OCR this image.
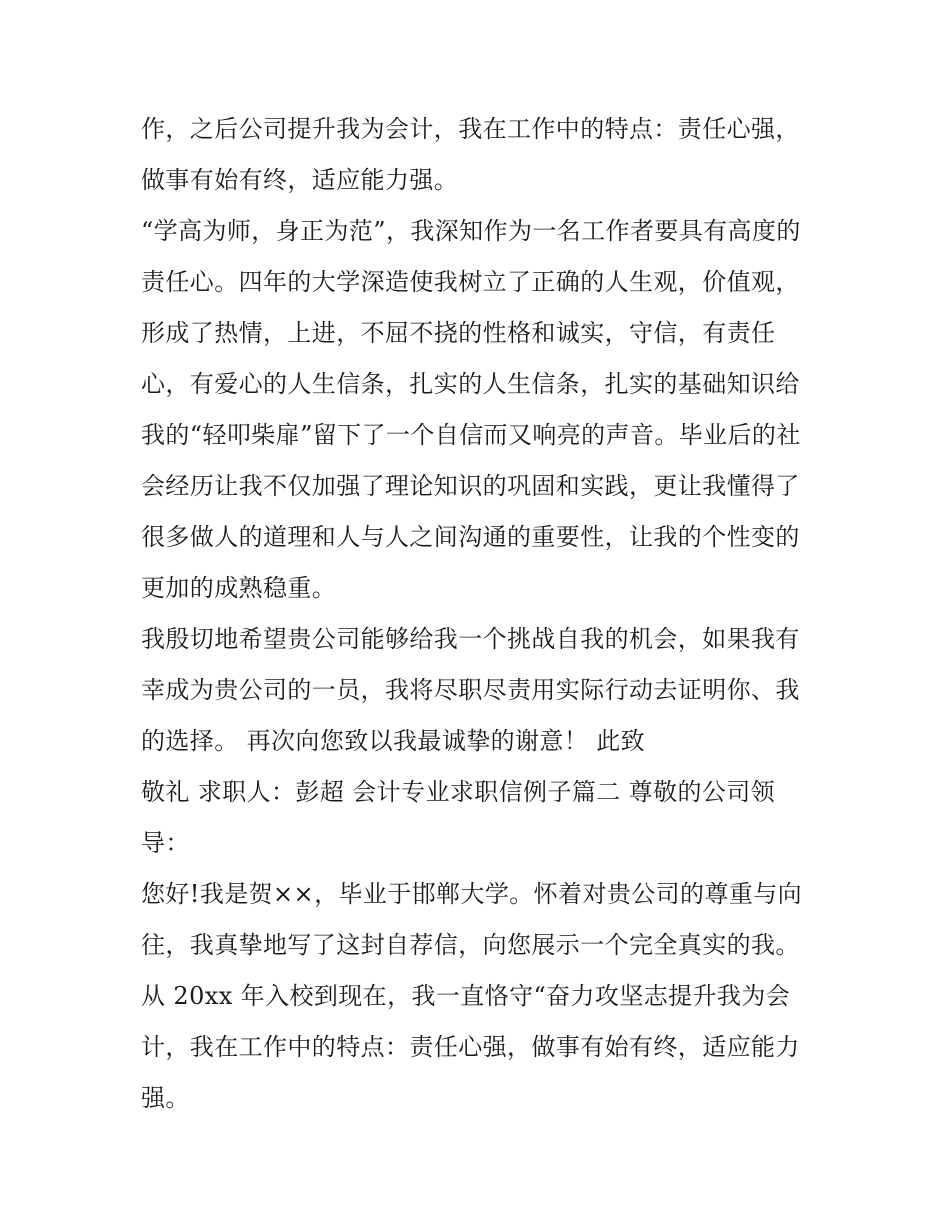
作，之后公司提升我为会计，我在工作中的特点：责任心强，
做事有始有终，适应能力强。
“学高为师，身正为范”，我深知作为一名工作者要具有高度的
责任心。四年的大学深造使我树立了正确的人生观，价值观，
形成了热情，上进，不屈不挠的性格和诚实，守信，有责任
心，有爱心的人生信条，扎实的人生信条，扎实的基础知识给
我的“轻叩柴扉”留下了一个自信而又响亮的声音。毕业后的社
会经历让我不仅加强了理论知识的巩固和实践，更让我懂得了
很多做人的道理和人与人之间沟通的重要性，让我的个性变的
更加的成熟稳重。
我殷切地希望贵公司能够给我一个挑战自我的机会，如果我有
幸成为贵公司的一员，我将尽职尽责用实际行动去证明你、我
的选择。 再次向您致以我最诚挚的谢意！ 此致
敬礼 求职人：彭超 会计专业求职信例子篇二 尊敬的公司领
导：
您好!我是贺××，毕业于邯郸大学。怀着对贵公司的尊重与向
往，我真挚地写了这封自荐信，向您展示一个完全真实的我。
从 20xx 年入校到现在，我一直恪守“奋力攻坚志提升我为会
计，我在工作中的特点：责任心强，做事有始有终，适应能力
强。
